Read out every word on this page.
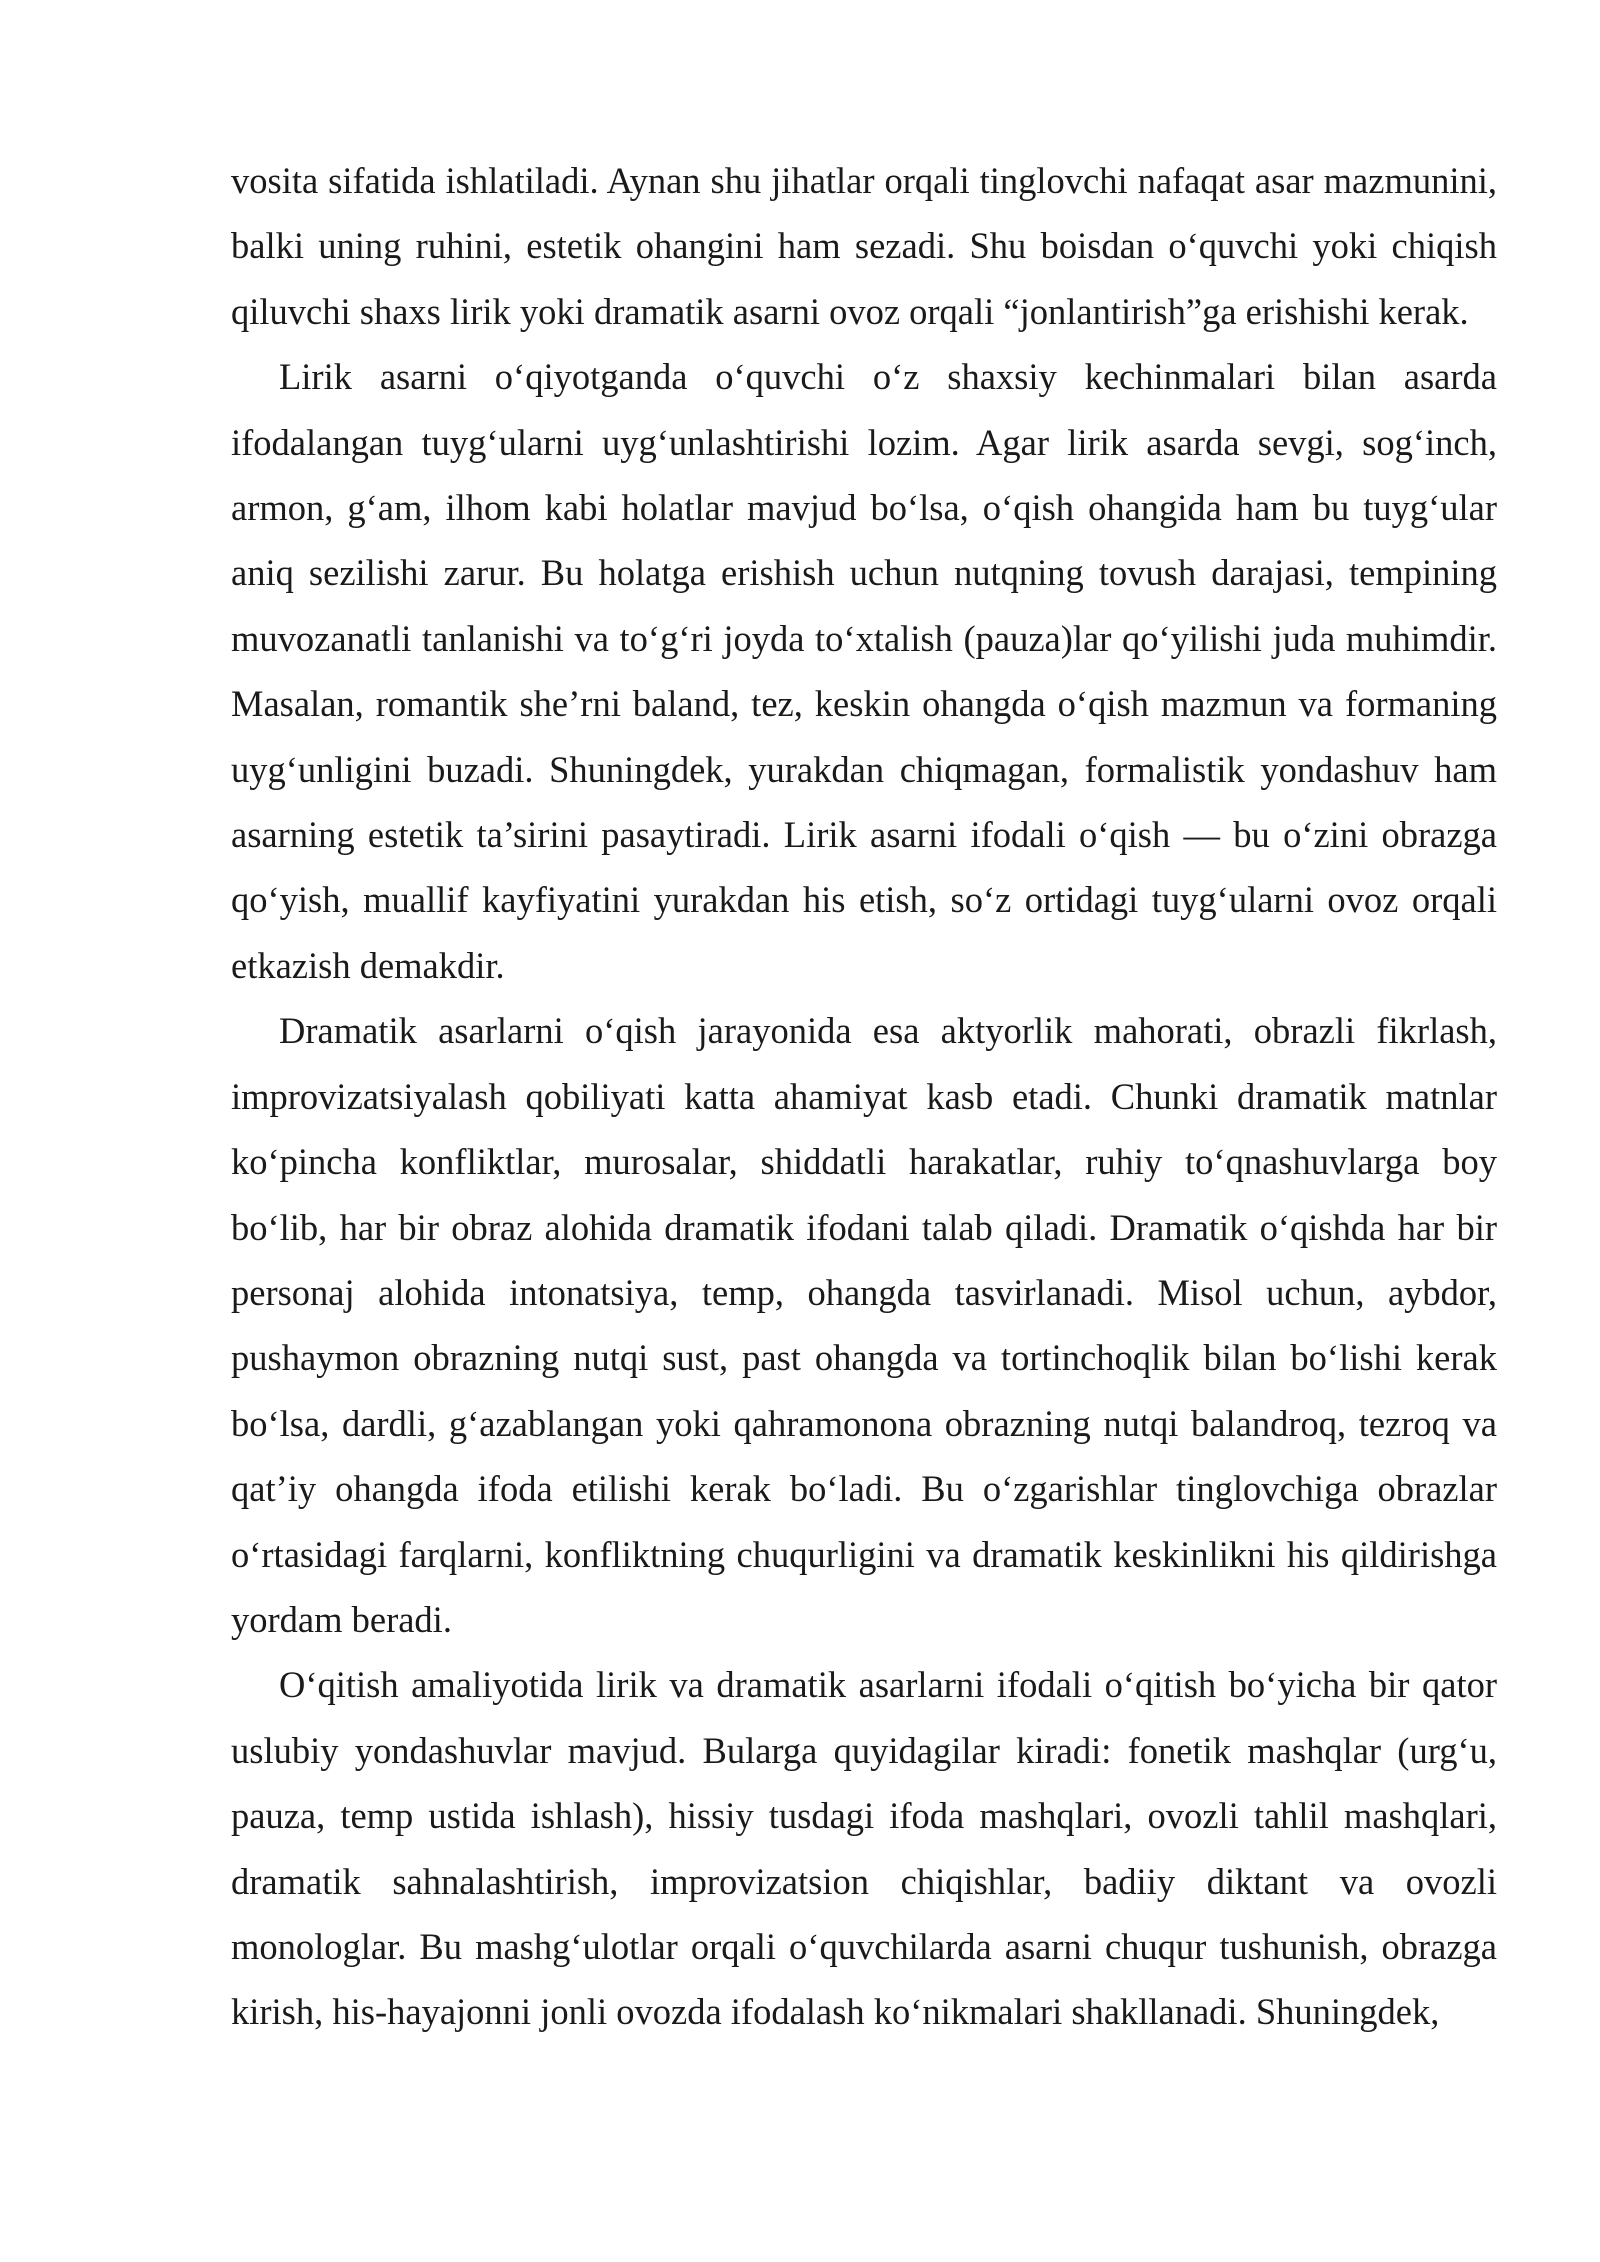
vosita sifatida ishlatiladi. Aynan shu jihatlar orqali tinglovchi nafaqat asar mazmunini, balki uning ruhini, estetik ohangini ham sezadi. Shu boisdan o‘quvchi yoki chiqish qiluvchi shaxs lirik yoki dramatik asarni ovoz orqali “jonlantirish”ga erishishi kerak.

Lirik asarni o‘qiyotganda o‘quvchi o‘z shaxsiy kechinmalari bilan asarda ifodalangan tuyg‘ularni uyg‘unlashtirishi lozim. Agar lirik asarda sevgi, sog‘inch, armon, g‘am, ilhom kabi holatlar mavjud bo‘lsa, o‘qish ohangida ham bu tuyg‘ular aniq sezilishi zarur. Bu holatga erishish uchun nutqning tovush darajasi, tempining muvozanatli tanlanishi va to‘g‘ri joyda to‘xtalish (pauza)lar qo‘yilishi juda muhimdir. Masalan, romantik she’rni baland, tez, keskin ohangda o‘qish mazmun va formaning uyg‘unligini buzadi. Shuningdek, yurakdan chiqmagan, formalistik yondashuv ham asarning estetik ta’sirini pasaytiradi. Lirik asarni ifodali o‘qish — bu o‘zini obrazga qo‘yish, muallif kayfiyatini yurakdan his etish, so‘z ortidagi tuyg‘ularni ovoz orqali etkazish demakdir.

Dramatik asarlarni o‘qish jarayonida esa aktyorlik mahorati, obrazli fikrlash, improvizatsiyalash qobiliyati katta ahamiyat kasb etadi. Chunki dramatik matnlar ko‘pincha konfliktlar, murosalar, shiddatli harakatlar, ruhiy to‘qnashuvlarga boy bo‘lib, har bir obraz alohida dramatik ifodani talab qiladi. Dramatik o‘qishda har bir personaj alohida intonatsiya, temp, ohangda tasvirlanadi. Misol uchun, aybdor, pushaymon obrazning nutqi sust, past ohangda va tortinchoqlik bilan bo‘lishi kerak bo‘lsa, dardli, g‘azablangan yoki qahramonona obrazning nutqi balandroq, tezroq va qat’iy ohangda ifoda etilishi kerak bo‘ladi. Bu o‘zgarishlar tinglovchiga obrazlar o‘rtasidagi farqlarni, konfliktning chuqurligini va dramatik keskinlikni his qildirishga yordam beradi.

O‘qitish amaliyotida lirik va dramatik asarlarni ifodali o‘qitish bo‘yicha bir qator uslubiy yondashuvlar mavjud. Bularga quyidagilar kiradi: fonetik mashqlar (urg‘u, pauza, temp ustida ishlash), hissiy tusdagi ifoda mashqlari, ovozli tahlil mashqlari, dramatik sahnalashtirish, improvizatsion chiqishlar, badiiy diktant va ovozli monologlar. Bu mashg‘ulotlar orqali o‘quvchilarda asarni chuqur tushunish, obrazga kirish, his-hayajonni jonli ovozda ifodalash ko‘nikmalari shakllanadi. Shuningdek,
